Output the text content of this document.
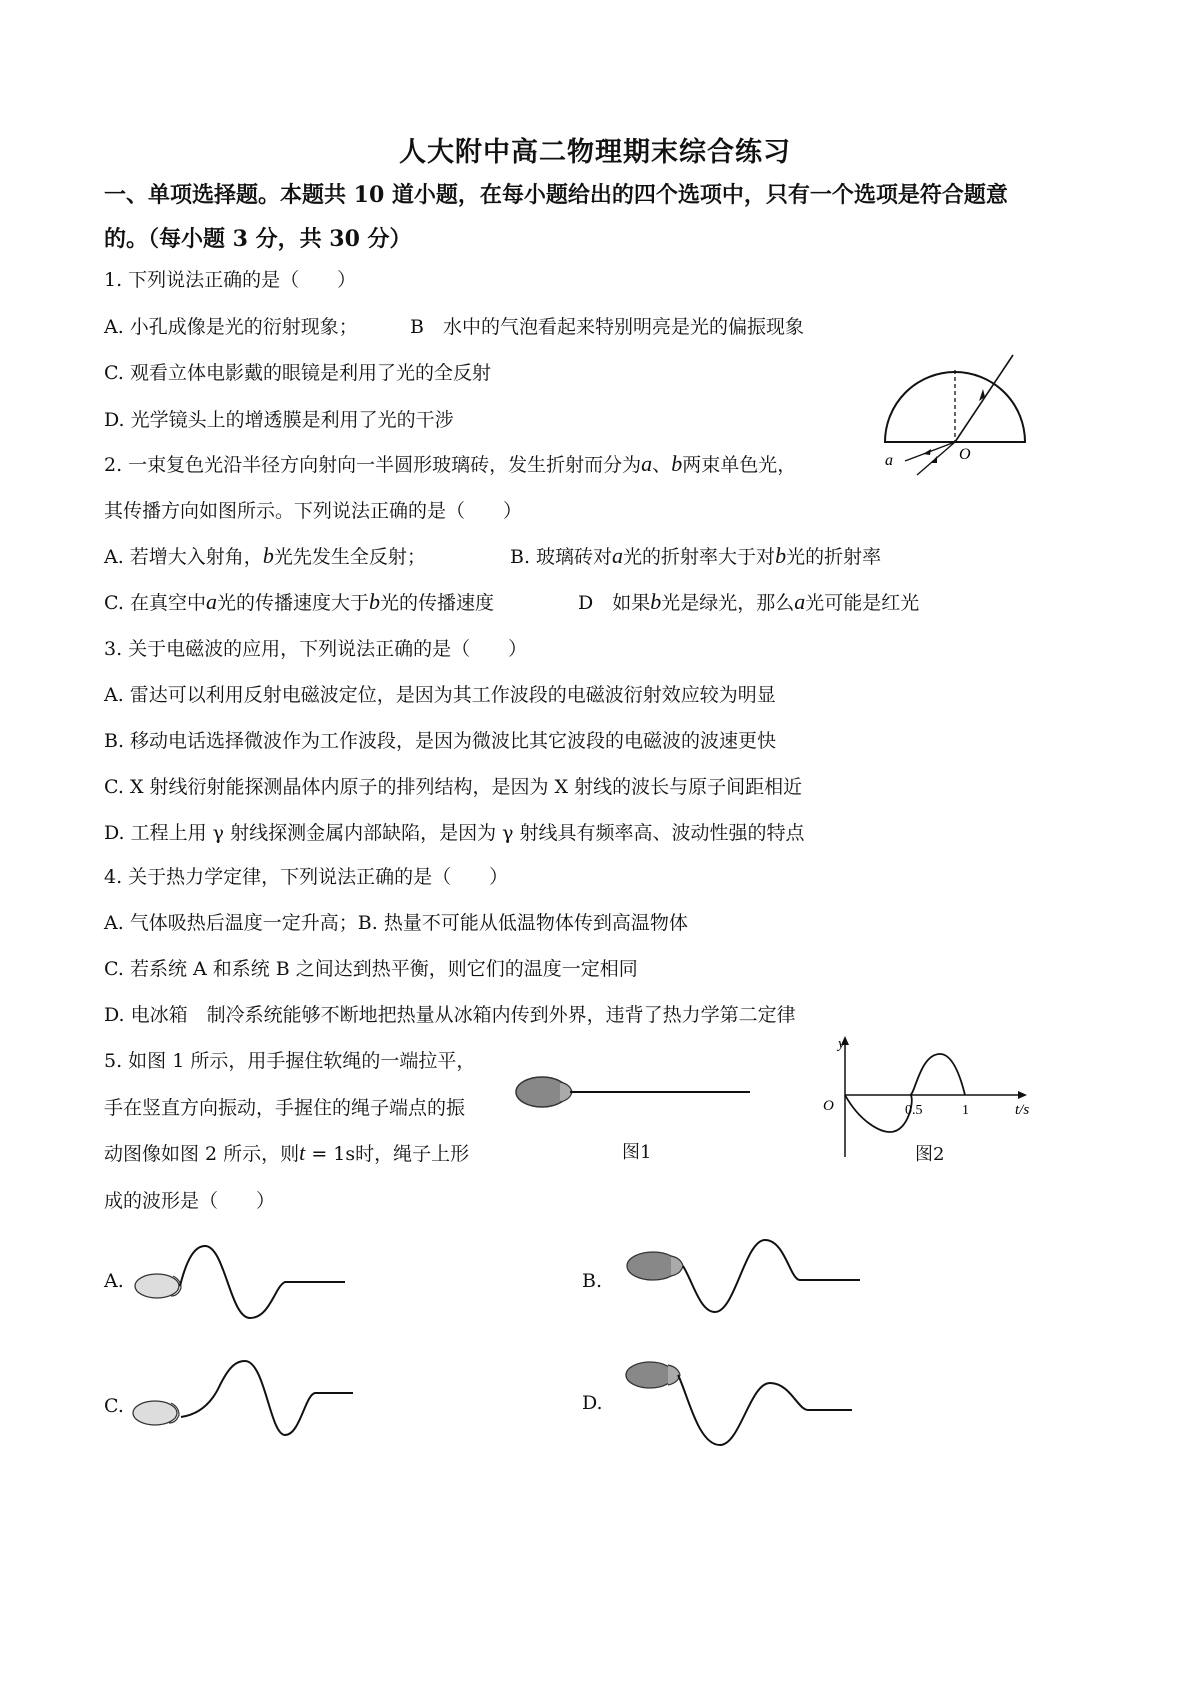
人大附中高二物理期末综合练习
一、单项选择题。本题共 10 道小题，在每小题给出的四个选项中，只有一个选项是符合题意
的。（每小题 3 分，共 30 分）
1. 下列说法正确的是（　　）
A. 小孔成像是光的衍射现象；	B　水中的气泡看起来特别明亮是光的偏振现象
C. 观看立体电影戴的眼镜是利用了光的全反射
D. 光学镜头上的增透膜是利用了光的干涉
a	O
2. 一束复色光沿半径方向射向一半圆形玻璃砖，发生折射而分为a、b两束单色光，
其传播方向如图所示。下列说法正确的是（　　）
A. 若增大入射角，b光先发生全反射；	B. 玻璃砖对a光的折射率大于对b光的折射率
C. 在真空中a光的传播速度大于b光的传播速度	D　如果b光是绿光，那么a光可能是红光
3. 关于电磁波的应用，下列说法正确的是（　　）
A. 雷达可以利用反射电磁波定位，是因为其工作波段的电磁波衍射效应较为明显
B. 移动电话选择微波作为工作波段，是因为微波比其它波段的电磁波的波速更快
C. X 射线衍射能探测晶体内原子的排列结构，是因为 X 射线的波长与原子间距相近
D. 工程上用 γ 射线探测金属内部缺陷，是因为 γ 射线具有频率高、波动性强的特点
4. 关于热力学定律，下列说法正确的是（　　）
A. 气体吸热后温度一定升高；B. 热量不可能从低温物体传到高温物体
C. 若系统 A 和系统 B 之间达到热平衡，则它们的温度一定相同
D. 电冰箱　制冷系统能够不断地把热量从冰箱内传到外界，违背了热力学第二定律
5. 如图 1 所示，用手握住软绳的一端拉平，
手在竖直方向振动，手握住的绳子端点的振
动图像如图 2 所示，则t = 1s时，绳子上形
成的波形是（　　）
图1
y
O	0.5	1	t/s
图2
A.	B.
C.	D.
